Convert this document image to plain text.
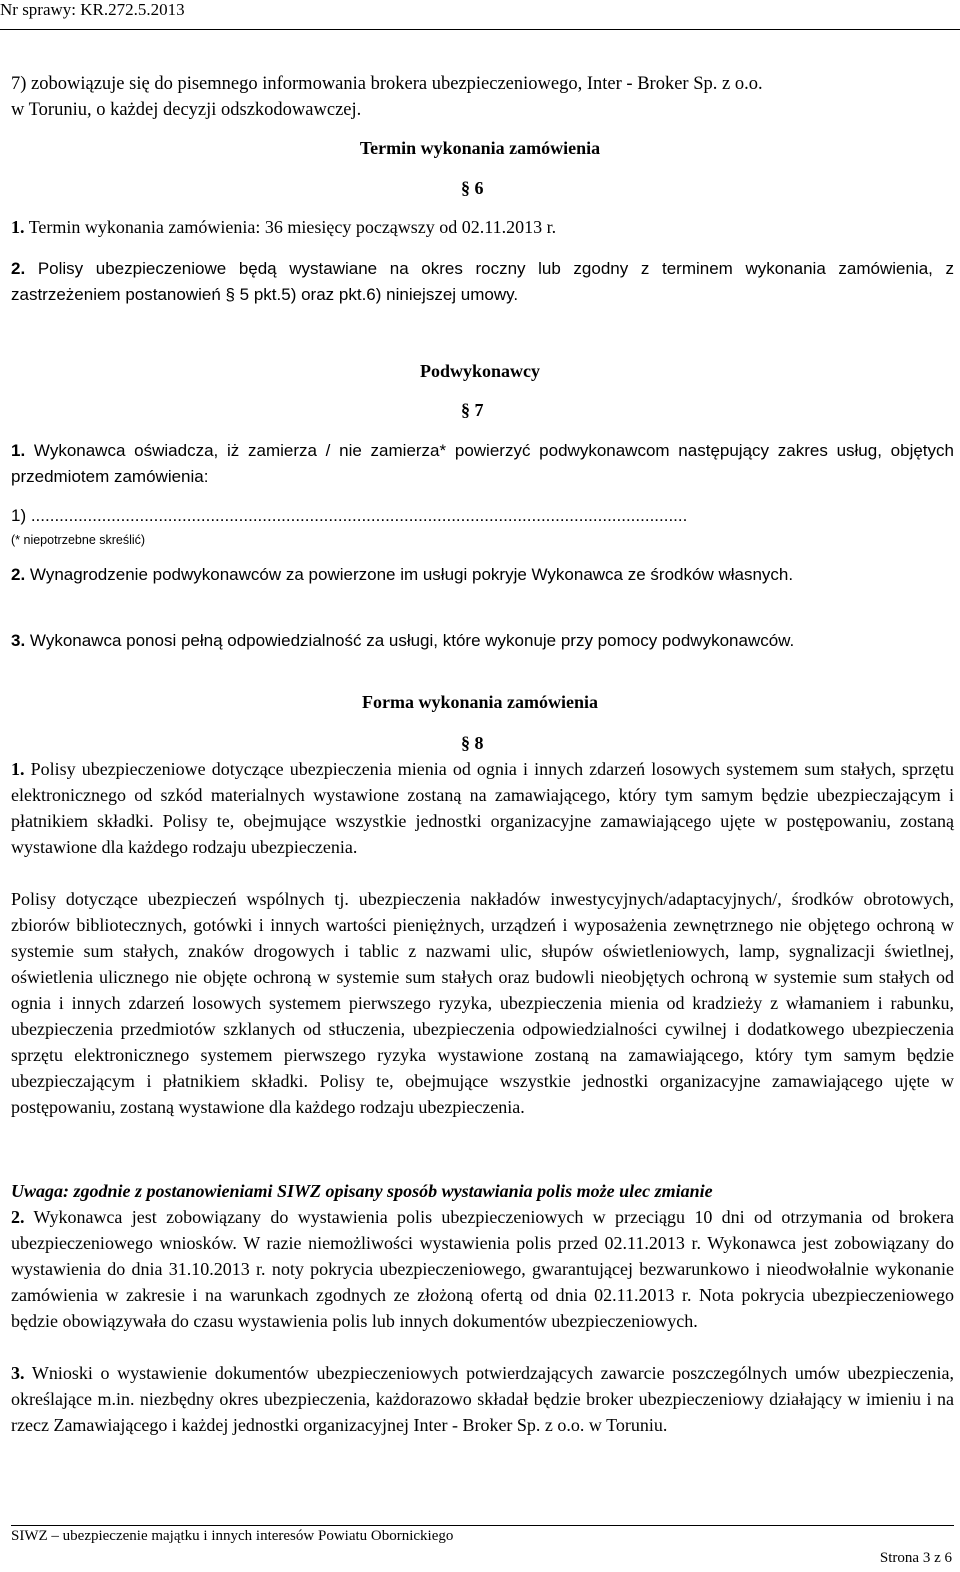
Nr sprawy: KR.272.5.2013
7) zobowiązuje się do pisemnego informowania brokera ubezpieczeniowego, Inter - Broker Sp. z o.o.
w Toruniu, o każdej decyzji odszkodowawczej.
Termin wykonania zamówienia
§ 6
1. Termin wykonania zamówienia: 36 miesięcy począwszy od 02.11.2013 r.
2. Polisy ubezpieczeniowe będą wystawiane na okres roczny lub zgodny z terminem wykonania zamówienia, z zastrzeżeniem postanowień § 5 pkt.5) oraz pkt.6) niniejszej umowy.
Podwykonawcy
§ 7
1. Wykonawca oświadcza, iż zamierza / nie zamierza* powierzyć podwykonawcom następujący zakres usług, objętych przedmiotem zamówienia:
1) ...........................................................................................................................................
(* niepotrzebne skreślić)
2. Wynagrodzenie podwykonawców za powierzone im usługi pokryje Wykonawca ze środków własnych.
3. Wykonawca ponosi pełną odpowiedzialność za usługi, które wykonuje przy pomocy podwykonawców.
Forma wykonania zamówienia
§ 8
1. Polisy ubezpieczeniowe dotyczące ubezpieczenia mienia od ognia i innych zdarzeń losowych systemem sum stałych, sprzętu elektronicznego od szkód materialnych wystawione zostaną na zamawiającego, który tym samym będzie ubezpieczającym i płatnikiem składki. Polisy te, obejmujące wszystkie jednostki organizacyjne zamawiającego ujęte w postępowaniu, zostaną wystawione dla każdego rodzaju ubezpieczenia.
Polisy dotyczące ubezpieczeń wspólnych tj. ubezpieczenia nakładów inwestycyjnych/adaptacyjnych/, środków obrotowych, zbiorów bibliotecznych, gotówki i innych wartości pieniężnych, urządzeń i wyposażenia zewnętrznego nie objętego ochroną w systemie sum stałych, znaków drogowych i tablic z nazwami ulic, słupów oświetleniowych, lamp, sygnalizacji świetlnej, oświetlenia ulicznego nie objęte ochroną w systemie sum stałych oraz budowli nieobjętych ochroną w systemie sum stałych od ognia i innych zdarzeń losowych systemem pierwszego ryzyka, ubezpieczenia mienia od kradzieży z włamaniem i rabunku, ubezpieczenia przedmiotów szklanych od stłuczenia, ubezpieczenia odpowiedzialności cywilnej i dodatkowego ubezpieczenia sprzętu elektronicznego systemem pierwszego ryzyka wystawione zostaną na zamawiającego, który tym samym będzie ubezpieczającym i płatnikiem składki. Polisy te, obejmujące wszystkie jednostki organizacyjne zamawiającego ujęte w postępowaniu, zostaną wystawione dla każdego rodzaju ubezpieczenia.
Uwaga: zgodnie z postanowieniami SIWZ opisany sposób wystawiania polis może ulec zmianie
2. Wykonawca jest zobowiązany do wystawienia polis ubezpieczeniowych w przeciągu 10 dni od otrzymania od brokera ubezpieczeniowego wniosków. W razie niemożliwości wystawienia polis przed 02.11.2013 r. Wykonawca jest zobowiązany do wystawienia do dnia 31.10.2013 r. noty pokrycia ubezpieczeniowego, gwarantującej bezwarunkowo i nieodwołalnie wykonanie zamówienia w zakresie i na warunkach zgodnych ze złożoną ofertą od dnia 02.11.2013 r. Nota pokrycia ubezpieczeniowego będzie obowiązywała do czasu wystawienia polis lub innych dokumentów ubezpieczeniowych.
3. Wnioski o wystawienie dokumentów ubezpieczeniowych potwierdzających zawarcie poszczególnych umów ubezpieczenia, określające m.in. niezbędny okres ubezpieczenia, każdorazowo składał będzie broker ubezpieczeniowy działający w imieniu i na rzecz Zamawiającego i każdej jednostki organizacyjnej Inter - Broker Sp. z o.o. w Toruniu.
SIWZ – ubezpieczenie majątku i innych interesów Powiatu Obornickiego
Strona 3 z 6
